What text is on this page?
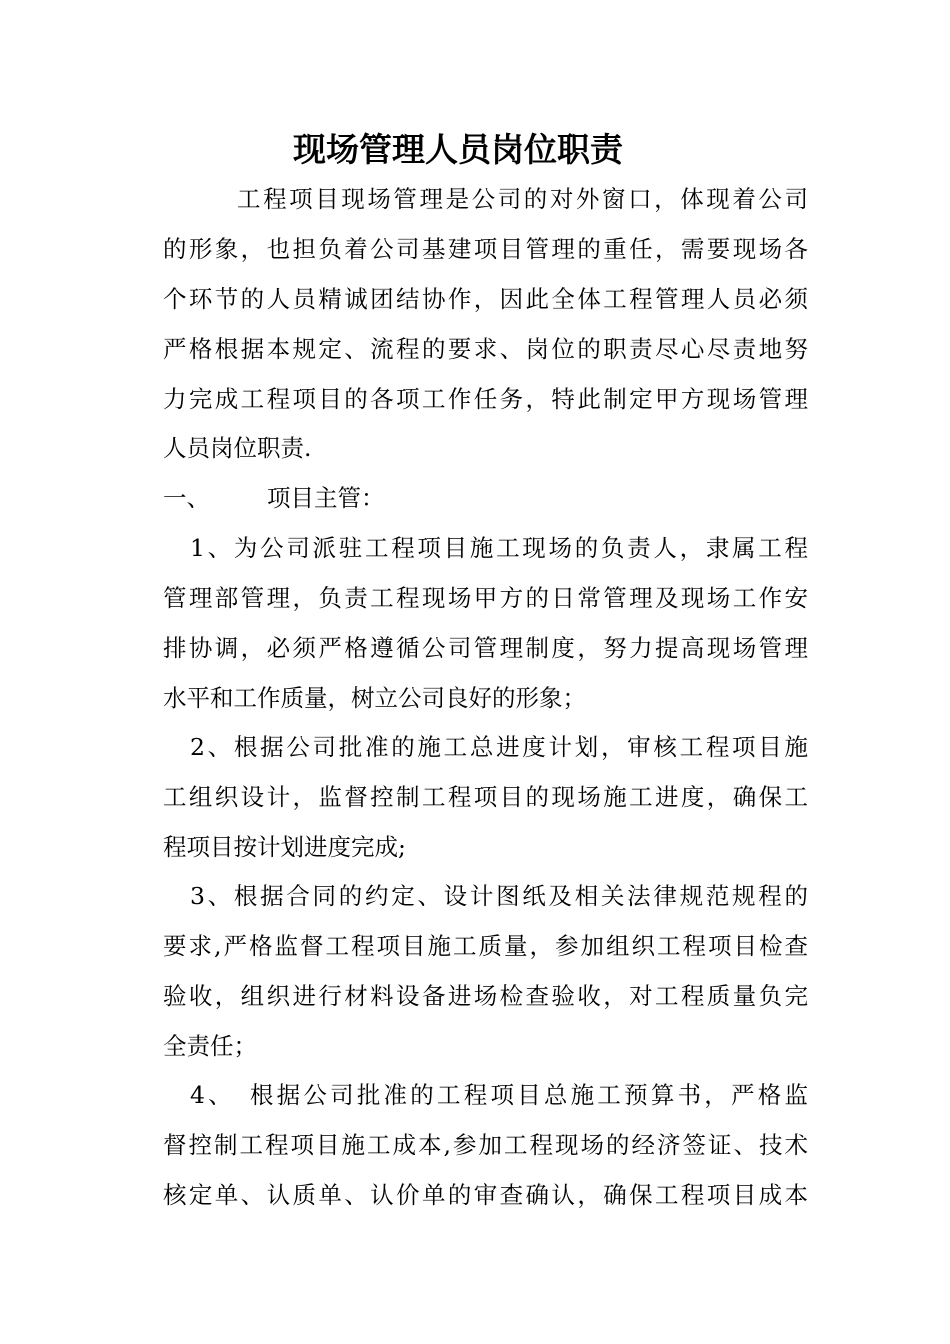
现场管理人员岗位职责
工程项目现场管理是公司的对外窗口，体现着公司
的形象，也担负着公司基建项目管理的重任，需要现场各
个环节的人员精诚团结协作，因此全体工程管理人员必须
严格根据本规定、流程的要求、岗位的职责尽心尽责地努
力完成工程项目的各项工作任务，特此制定甲方现场管理
人员岗位职责.
一、 项目主管：
1、为公司派驻工程项目施工现场的负责人，隶属工程
管理部管理，负责工程现场甲方的日常管理及现场工作安
排协调，必须严格遵循公司管理制度，努力提高现场管理
水平和工作质量，树立公司良好的形象；
2、根据公司批准的施工总进度计划，审核工程项目施
工组织设计，监督控制工程项目的现场施工进度，确保工
程项目按计划进度完成;
3、根据合同的约定、设计图纸及相关法律规范规程的
要求,严格监督工程项目施工质量，参加组织工程项目检查
验收，组织进行材料设备进场检查验收，对工程质量负完
全责任；
4、　根据公司批准的工程项目总施工预算书，严格监
督控制工程项目施工成本,参加工程现场的经济签证、技术
核定单、认质单、认价单的审查确认，确保工程项目成本
